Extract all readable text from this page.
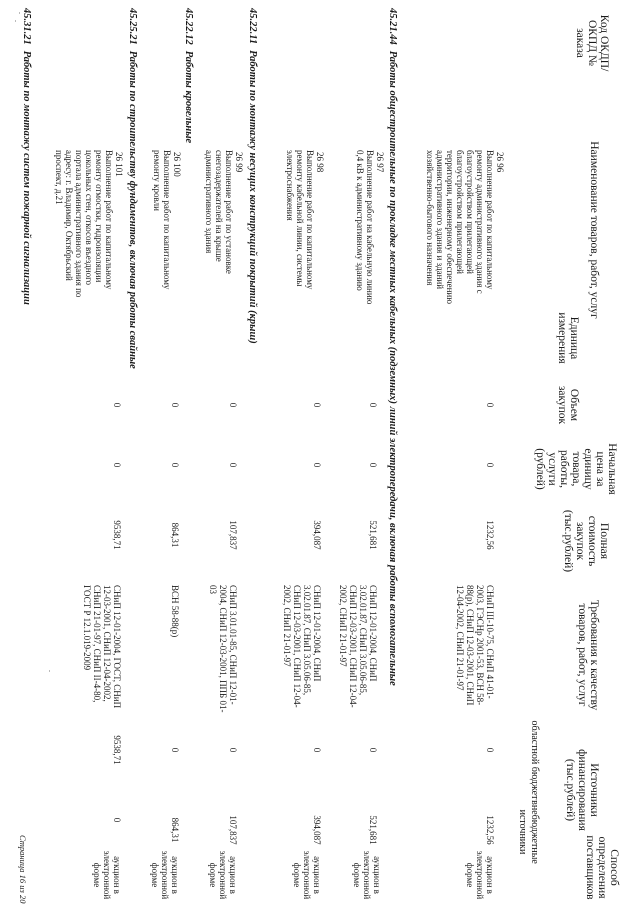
Код ОКДП/ ОКПД № заказа
Наименование товаров, работ, услуг
Единица измерения
Объем закупок
Начальная цена за единицу товара, работы, услуги (рублей)
Полная стоимость закупок (тыс.рублей)
Требования к качеству товаров, работ, услуг
Источники финансирования (тыс.рублей)
областной бюджет
внебюджетные источники
Способ определения поставщиков
26 96
Выполнение работ по капитальному ремонту административного здания с благоустройством прилегающей благоустройством прилегающей территории, инженерному обеспечению административного здания и зданий хозяйственно-бытового назначения
0
0
1232,56
СНиП III-10-75, СНиП 41-01-2003, ГЭСНр 2001-53, ВСН 58-88(р), СНиП 12-03-2001, СНиП 12-04-2002, СНиП 21-01-97
0
1232,56
аукцион в электронной форме
45.21.44Работы общестроительные по прокладке местных кабельных (подземных) линий электропередачи, включая работы вспомогательные
26 97
Выполнение работ на кабельную линию 0,4 кВ к административному зданию
0
0
521,681
СНиП 12-01-2004, СНиП 3.02.01.87, СНиП 3.05.06-85, СНиП 12-03-2001, СНиП 12-04-2002, СНиП 21-01-97
0
521,681
аукцион в электронной форме
26 98
Выполнение работ по капитальному ремонту кабельной линии, системы электроснабжения
0
0
394,087
СНиП 12-01-2004, СНиП 3.02.01.87, СНиП 3.05.06-85, СНиП 12-03-2001, СНиП 12-04-2002, СНиП 21-01-97
0
394,087
аукцион в электронной форме
45.22.11Работы по монтажу несущих конструкций покрытий (крыш)
26 99
Выполнение работ по установке снегозадержателей на крыше административного здания
0
0
107,837
СНиП 3.01.01-85, СНиП 12-01-2004, СНиП 12-03-2001, ППБ 01-03
0
107,837
аукцион в электронной форме
45.22.12Работы кровельные
26 100
Выполнение работ по капитальному ремонту кровли
0
0
864,31
ВСН 58-88(р)
0
864,31
аукцион в электронной форме
45.25.21Работы по строительству фундаментов, включая работы свайные
26 101
Выполнение работ по капитальному ремонту отмостки, гидроизоляции цокольных стен, откосов въездного портала административного здания по адресу: г. Владимир, Октябрьский проспект, д.21
0
0
9538,71
СНиП 12-01-2004, ГОСТ, СНиП 12-03-2001, СНиП 12-04-2002, СНиП 21-01-97, СНиП II-4-80, ГОСТ Р 12.1.019-2009
9538,71
0
аукцион в электронной форме
45.31.21Работы по монтажу систем пожарной сигнализации
Страница 16 из 20
